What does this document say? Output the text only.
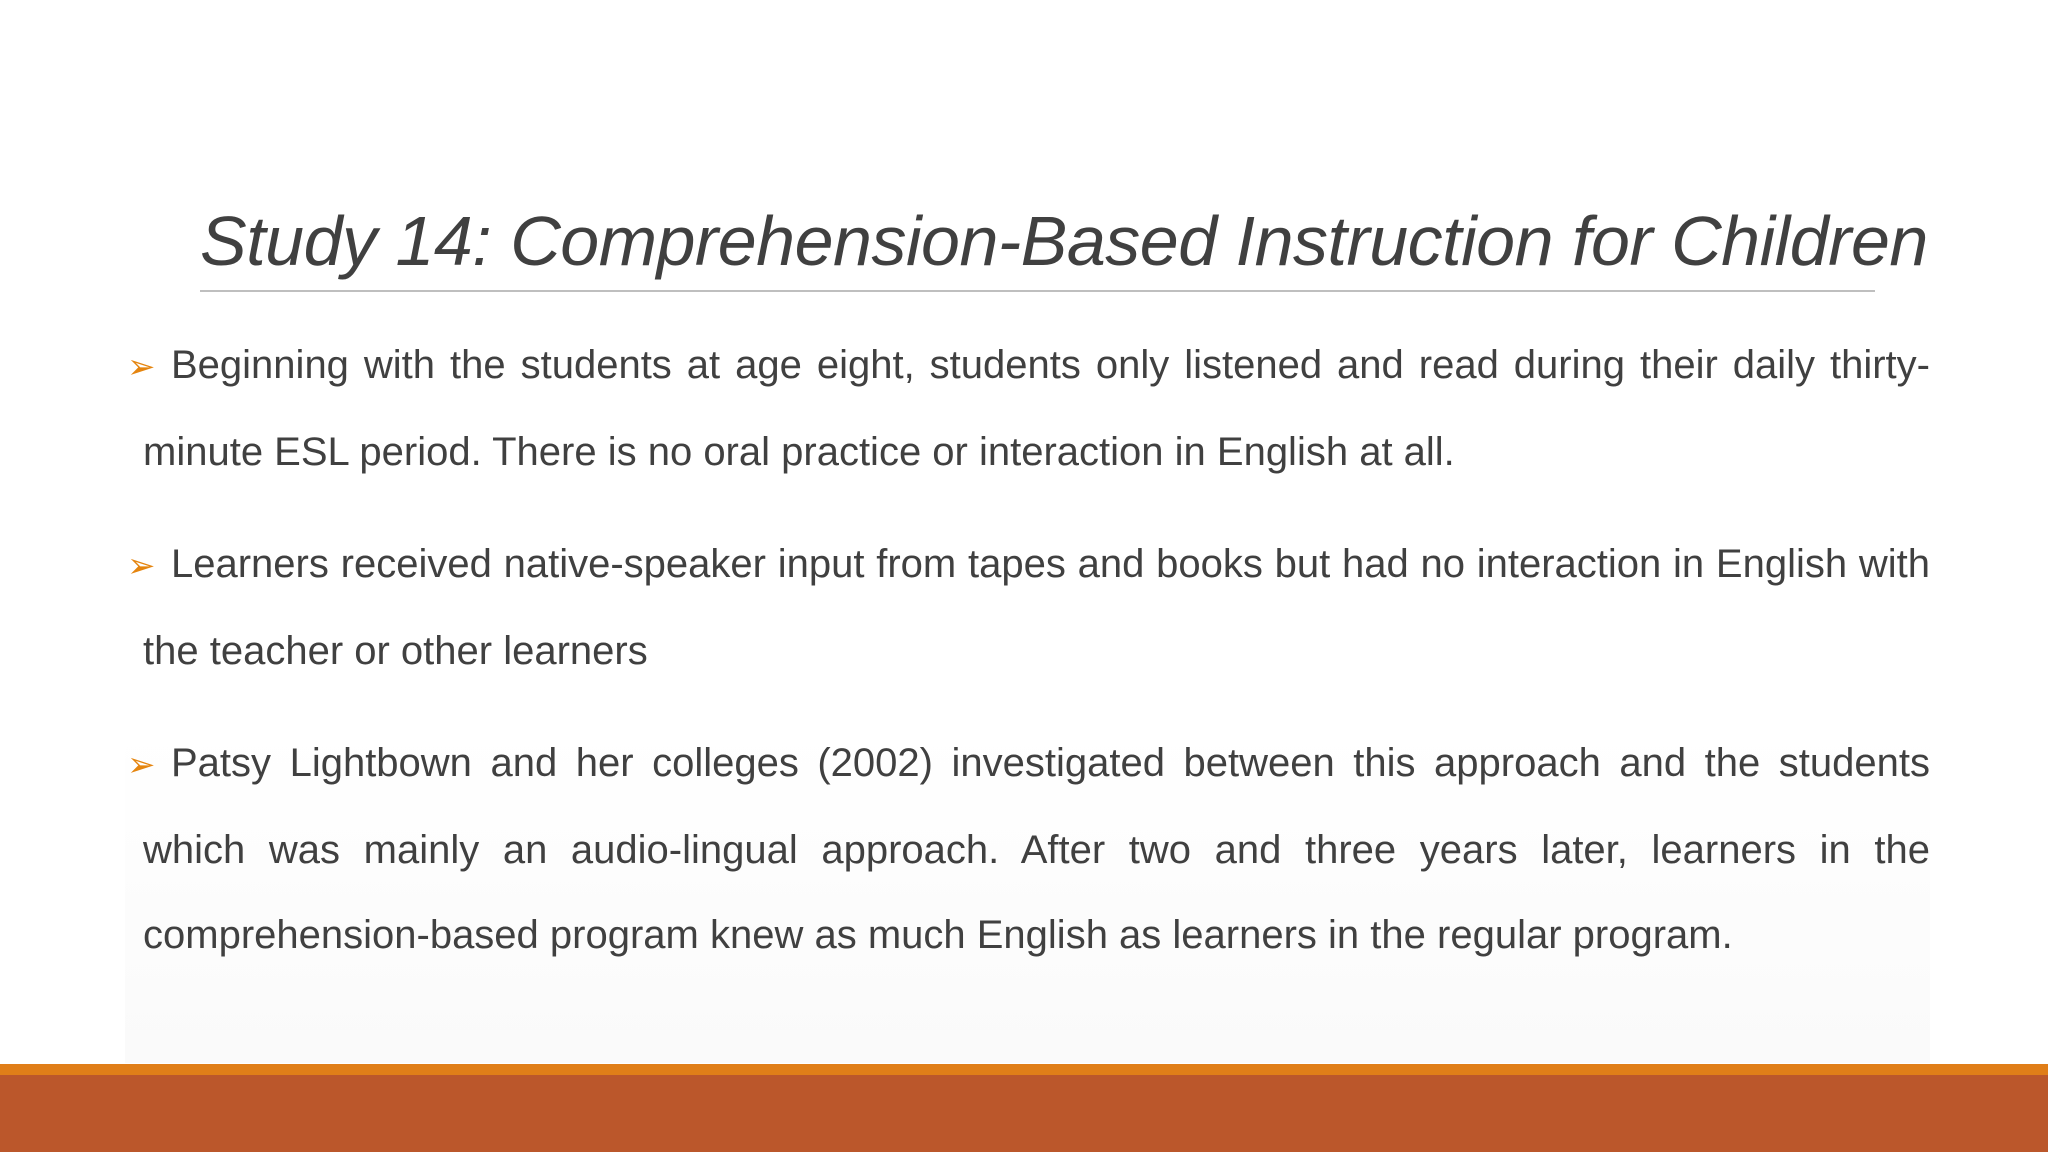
Study 14: Comprehension-Based Instruction for Children
➢ Beginning with the students at age eight, students only listened and read during their daily thirty-minute ESL period. There is no oral practice or interaction in English at all.
➢ Learners received native-speaker input from tapes and books but had no interaction in English with the teacher or other learners
➢ Patsy Lightbown and her colleges (2002) investigated between this approach and the students which was mainly an audio-lingual approach. After two and three years later, learners in the comprehension-based program knew as much English as learners in the regular program.
